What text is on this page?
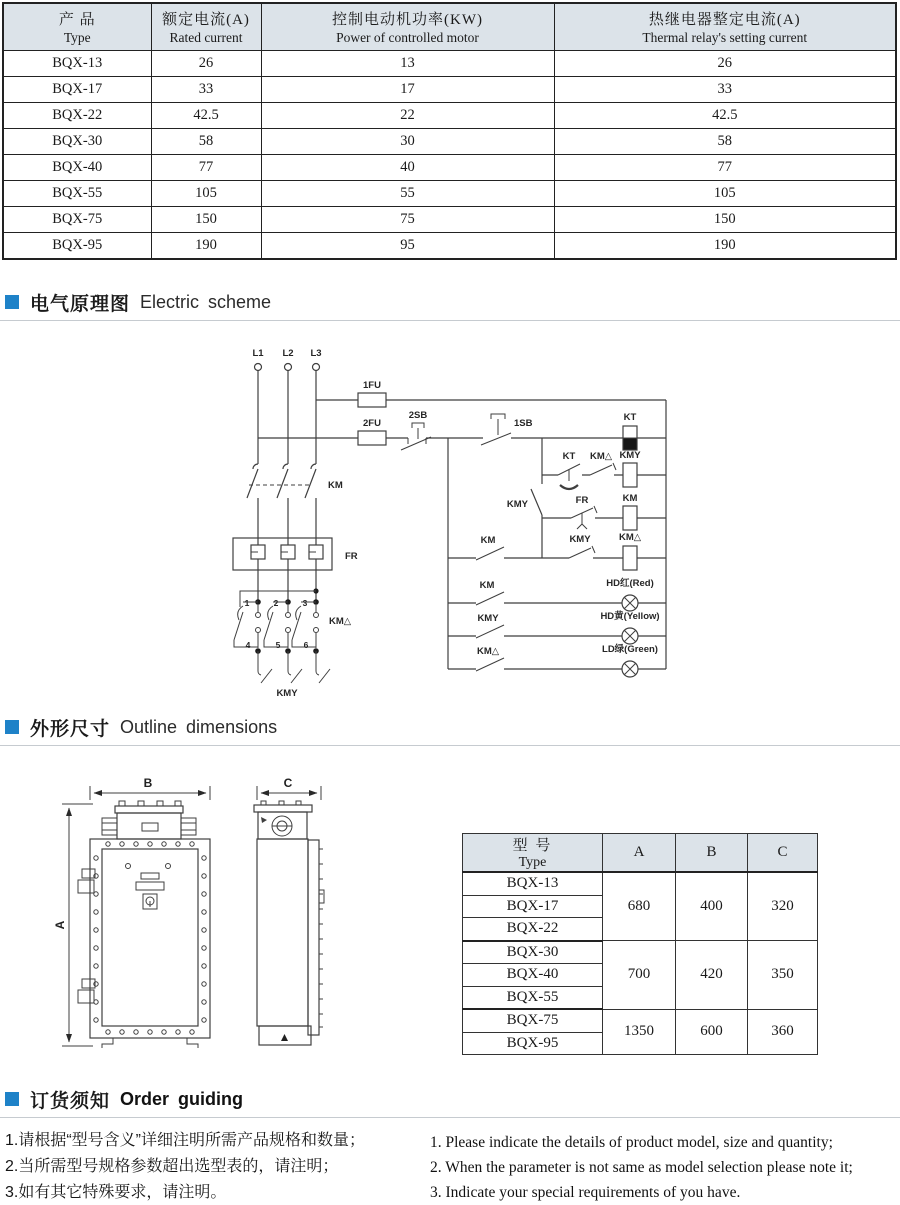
产 品
Type

额定电流(A)
Rated current

控制电动机功率(KW)
Power of controlled motor

热继电器整定电流(A)
Thermal relay's setting current

BQX-13	26	13	26
BQX-17	33	17	33
BQX-22	42.5	22	42.5
BQX-30	58	30	58
BQX-40	77	40	77
BQX-55	105	55	105
BQX-75	150	75	150
BQX-95	190	95	190
电气原理图 Electric scheme
L1 L2 L3
KM
FR
1	2	3
4	5	6
KM△
KMY
1FU
2FU
2SB
1SB
KT
KMY
KT KM△ KMY
FR	KM
KM	KMY	KM△
KM	HD红(Red)
KMY	HD黄(Yellow)
KM△	LD绿(Green)
外形尺寸 Outline dimensions
B
A
C
型 号
Type	A	B	C
BQX-13	680	400	320
BQX-17			
BQX-22			
BQX-30	700	420	350
BQX-40			
BQX-55			
BQX-75	1350	600	360
BQX-95			
订货须知 Order guiding
1.请根据“型号含义”详细注明所需产品规格和数量；
2.当所需型号规格参数超出选型表的，请注明；
3.如有其它特殊要求，请注明。
1. Please indicate the details of product model, size and quantity;
2. When the parameter is not same as model selection please note it;
3. Indicate your special requirements of you have.
